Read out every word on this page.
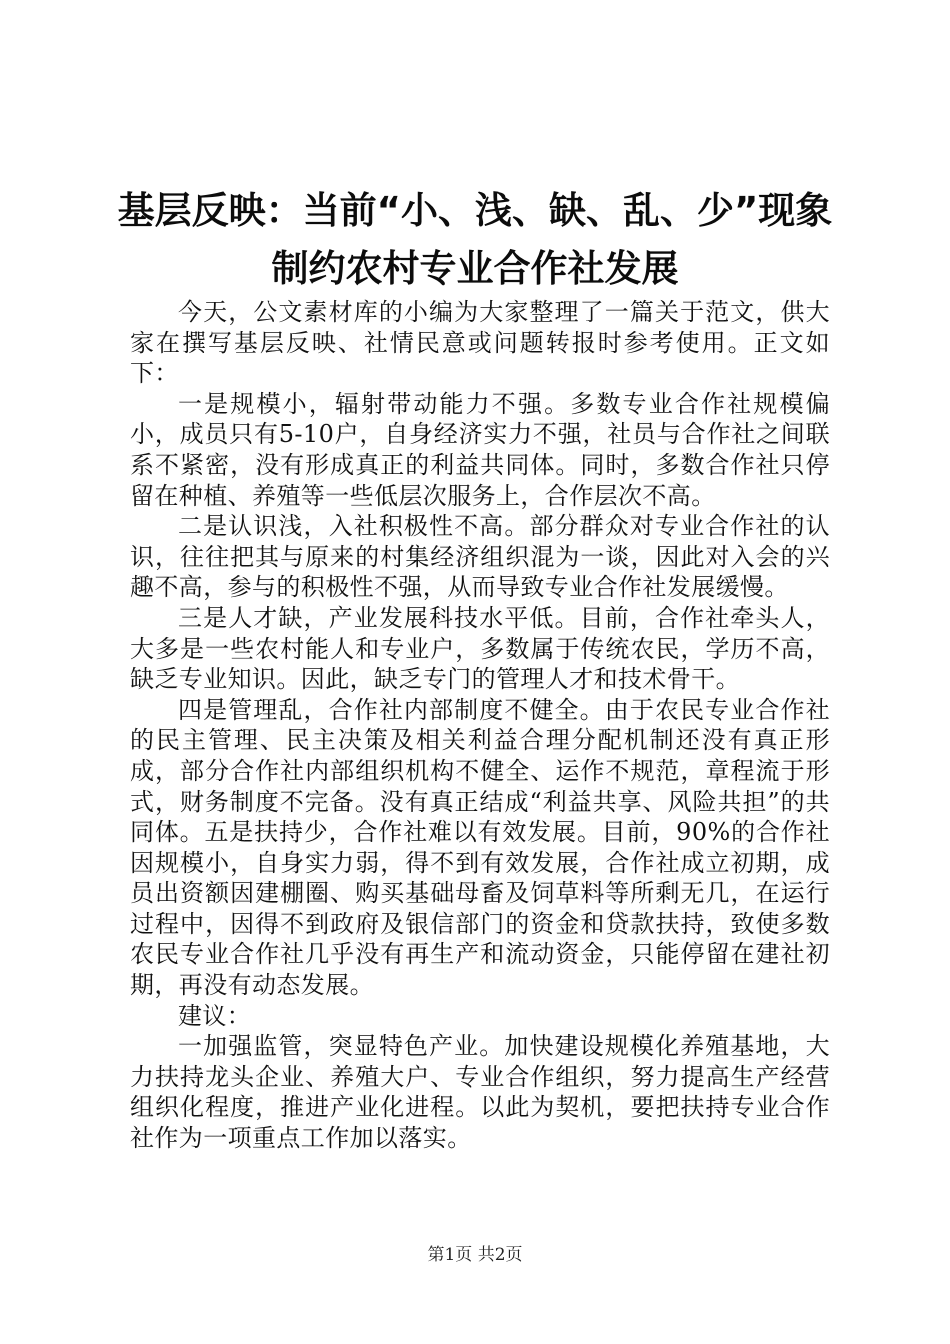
基层反映：当前“小、浅、缺、乱、少”现象
制约农村专业合作社发展

今天，公文素材库的小编为大家整理了一篇关于范文，供大家在撰写基层反映、社情民意或问题转报时参考使用。正文如下：

一是规模小，辐射带动能力不强。多数专业合作社规模偏小，成员只有5-10户，自身经济实力不强，社员与合作社之间联系不紧密，没有形成真正的利益共同体。同时，多数合作社只停留在种植、养殖等一些低层次服务上，合作层次不高。

二是认识浅，入社积极性不高。部分群众对专业合作社的认识，往往把其与原来的村集经济组织混为一谈，因此对入会的兴趣不高，参与的积极性不强，从而导致专业合作社发展缓慢。

三是人才缺，产业发展科技水平低。目前，合作社牵头人，大多是一些农村能人和专业户，多数属于传统农民，学历不高，缺乏专业知识。因此，缺乏专门的管理人才和技术骨干。

四是管理乱，合作社内部制度不健全。由于农民专业合作社的民主管理、民主决策及相关利益合理分配机制还没有真正形成，部分合作社内部组织机构不健全、运作不规范，章程流于形式，财务制度不完备。没有真正结成“利益共享、风险共担”的共同体。五是扶持少，合作社难以有效发展。目前，90%的合作社因规模小，自身实力弱，得不到有效发展，合作社成立初期，成员出资额因建棚圈、购买基础母畜及饲草料等所剩无几，在运行过程中，因得不到政府及银信部门的资金和贷款扶持，致使多数农民专业合作社几乎没有再生产和流动资金，只能停留在建社初期，再没有动态发展。

建议：

一加强监管，突显特色产业。加快建设规模化养殖基地，大力扶持龙头企业、养殖大户、专业合作组织，努力提高生产经营组织化程度，推进产业化进程。以此为契机，要把扶持专业合作社作为一项重点工作加以落实。

第1页 共2页
